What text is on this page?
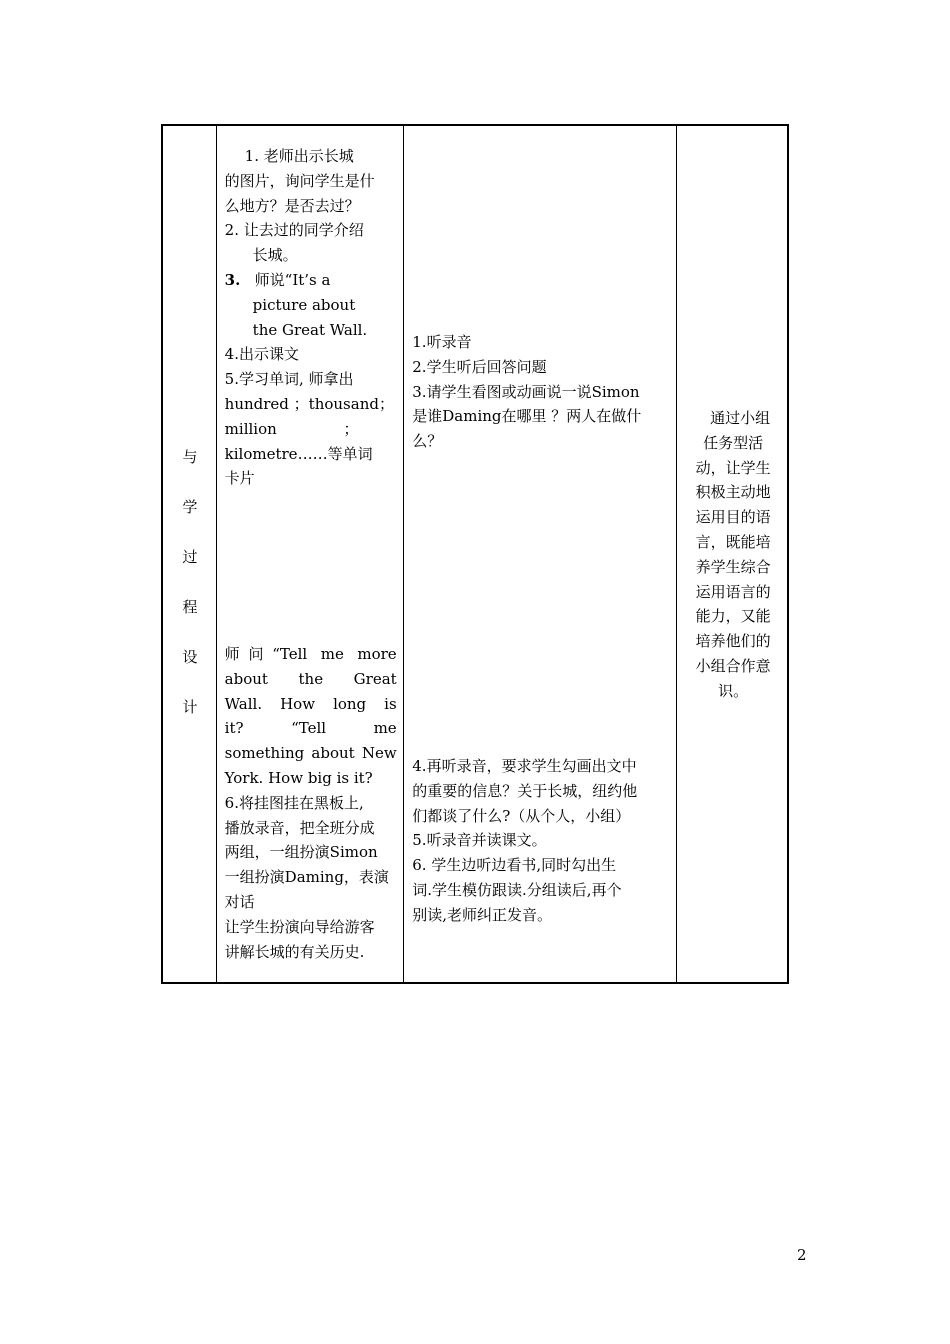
与
学
过
程
设
计

1. 老师出示长城
的图片，询问学生是什
么地方？是否去过？
2. 让去过的同学介绍
长城。
3. 师说“It’s a
picture about
the Great Wall.
4.出示课文
5.学习单词, 师拿出
hundred ；thousand；
million              ；
kilometre……等单词
卡片
师问“Tell me more
about the Great
Wall. How long is
it? “Tell me
something about New
York. How big is it?
6.将挂图挂在黑板上,
播放录音，把全班分成
两组，一组扮演Simon
一组扮演Daming，表演
对话
让学生扮演向导给游客
讲解长城的有关历史.

1.听录音
2.学生听后回答问题
3.请学生看图或动画说一说Simon
是谁Daming在哪里 ？两人在做什
么？
4.再听录音，要求学生勾画出文中
的重要的信息？关于长城，纽约他
们都谈了什么?（从个人，小组）
5.听录音并读课文。
6. 学生边听边看书,同时勾出生
词.学生模仿跟读.分组读后,再个
别读,老师纠正发音。

通过小组
任务型活
动，让学生
积极主动地
运用目的语
言，既能培
养学生综合
运用语言的
能力，又能
培养他们的
小组合作意
识。
2
